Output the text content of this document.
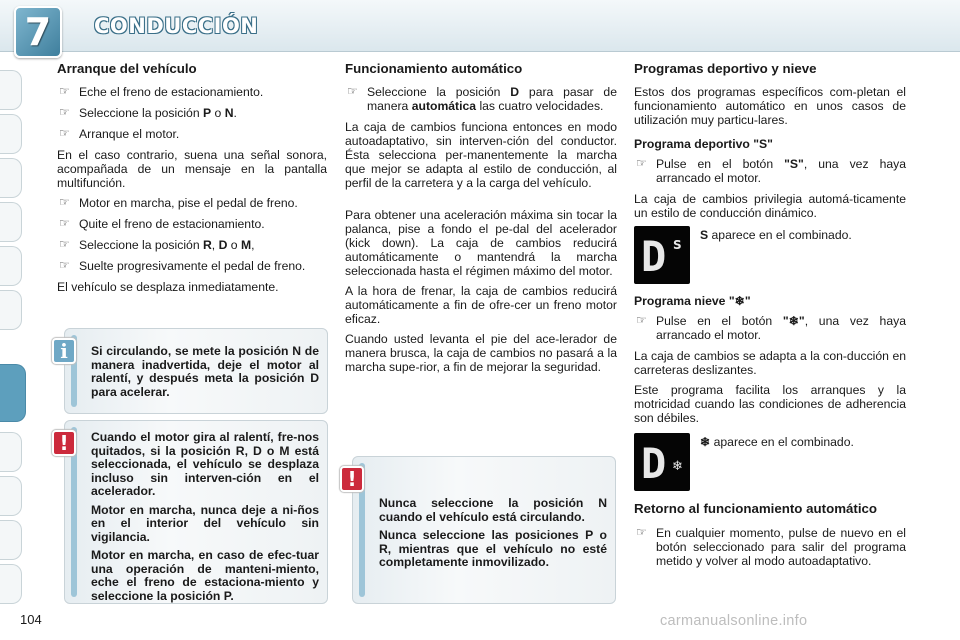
7	CONDUCCIÓN
Arranque del vehículo
☞ Eche el freno de estacionamiento.
☞ Seleccione la posición P o N.
☞ Arranque el motor.
En el caso contrario, suena una señal sonora, acompañada de un mensaje en la pantalla multifunción.
☞ Motor en marcha, pise el pedal de freno.
☞ Quite el freno de estacionamiento.
☞ Seleccione la posición R, D o M,
☞ Suelte progresivamente el pedal de freno.
El vehículo se desplaza inmediatamente.
Si circulando, se mete la posición N de manera inadvertida, deje el motor al ralentí, y después meta la posición D para acelerar.
i
Cuando el motor gira al ralentí, fre-nos quitados, si la posición R, D o M está seleccionada, el vehículo se desplaza incluso sin interven-ción en el acelerador.
Motor en marcha, nunca deje a ni-ños en el interior del vehículo sin vigilancia.
Motor en marcha, en caso de efec-tuar una operación de manteni-miento, eche el freno de estaciona-miento y seleccione la posición P.
!
Funcionamiento automático
☞ Seleccione la posición D para pasar de manera automática las cuatro velocidades.
La caja de cambios funciona entonces en modo autoadaptativo, sin interven-ción del conductor. Ésta selecciona per-manentemente la marcha que mejor se adapta al estilo de conducción, al perfil de la carretera y a la carga del vehículo.
Para obtener una aceleración máxima sin tocar la palanca, pise a fondo el pe-dal del acelerador (kick down). La caja de cambios reducirá automáticamente o mantendrá la marcha seleccionada hasta el régimen máximo del motor.
A la hora de frenar, la caja de cambios reducirá automáticamente a fin de ofre-cer un freno motor eficaz.
Cuando usted levanta el pie del ace-lerador de manera brusca, la caja de cambios no pasará a la marcha supe-rior, a fin de mejorar la seguridad.
Nunca seleccione la posición N cuando el vehículo está circulando.
Nunca seleccione las posiciones P o R, mientras que el vehículo no esté completamente inmovilizado.
!
Programas deportivo y nieve
Estos dos programas específicos com-pletan el funcionamiento automático en unos casos de utilización muy particu-lares.
Programa deportivo "S"
☞ Pulse en el botón "S", una vez haya arrancado el motor.
La caja de cambios privilegia automá-ticamente un estilo de conducción dinámico.
D S
S aparece en el combinado.
Programa nieve "❄"
☞ Pulse en el botón "❄", una vez haya arrancado el motor.
La caja de cambios se adapta a la con-ducción en carreteras deslizantes.
Este programa facilita los arranques y la motricidad cuando las condiciones de adherencia son débiles.
D ❄
❄ aparece en el combinado.
Retorno al funcionamiento automático
☞ En cualquier momento, pulse de nuevo en el botón seleccionado para salir del programa metido y volver al modo autoadaptativo.
104	carmanualsonline.info
